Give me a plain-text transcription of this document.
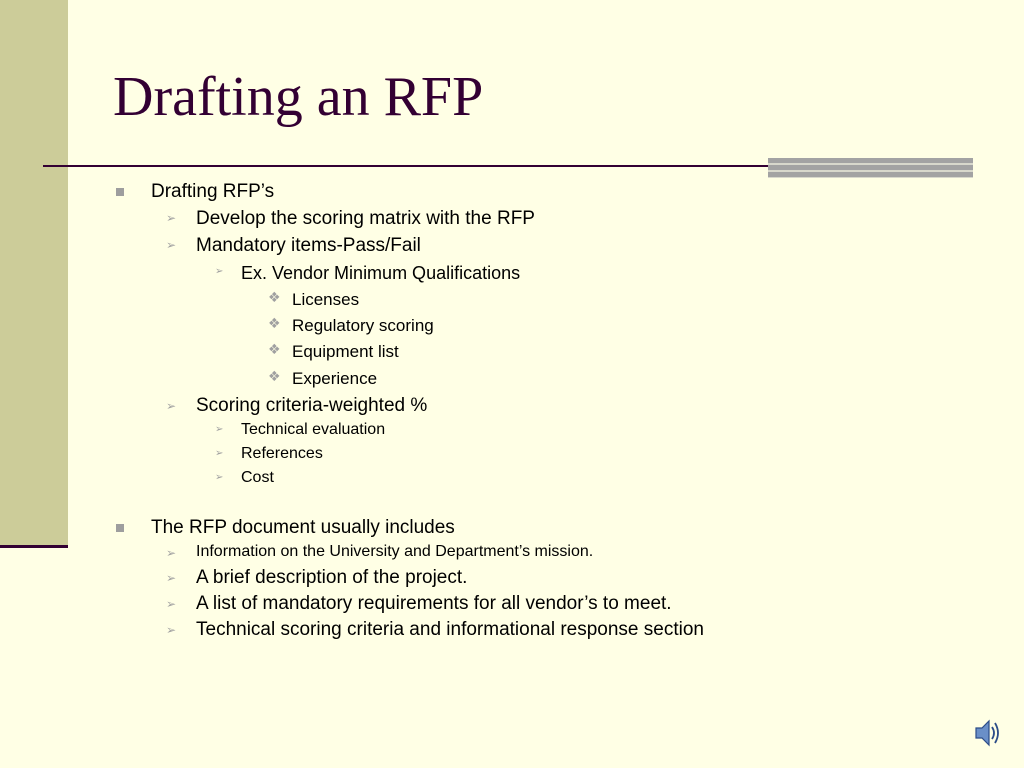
Drafting an RFP
Drafting RFP’s
➢ Develop the scoring matrix with the RFP
➢ Mandatory items-Pass/Fail
➢ Ex. Vendor Minimum Qualifications
❖ Licenses
❖ Regulatory scoring
❖ Equipment list
❖ Experience
➢ Scoring criteria-weighted %
➢ Technical evaluation
➢ References
➢ Cost
The RFP document usually includes
➢ Information on the University and Department’s mission.
➢ A brief description of the project.
➢ A list of mandatory requirements for all vendor’s to meet.
➢ Technical scoring criteria and informational response section
